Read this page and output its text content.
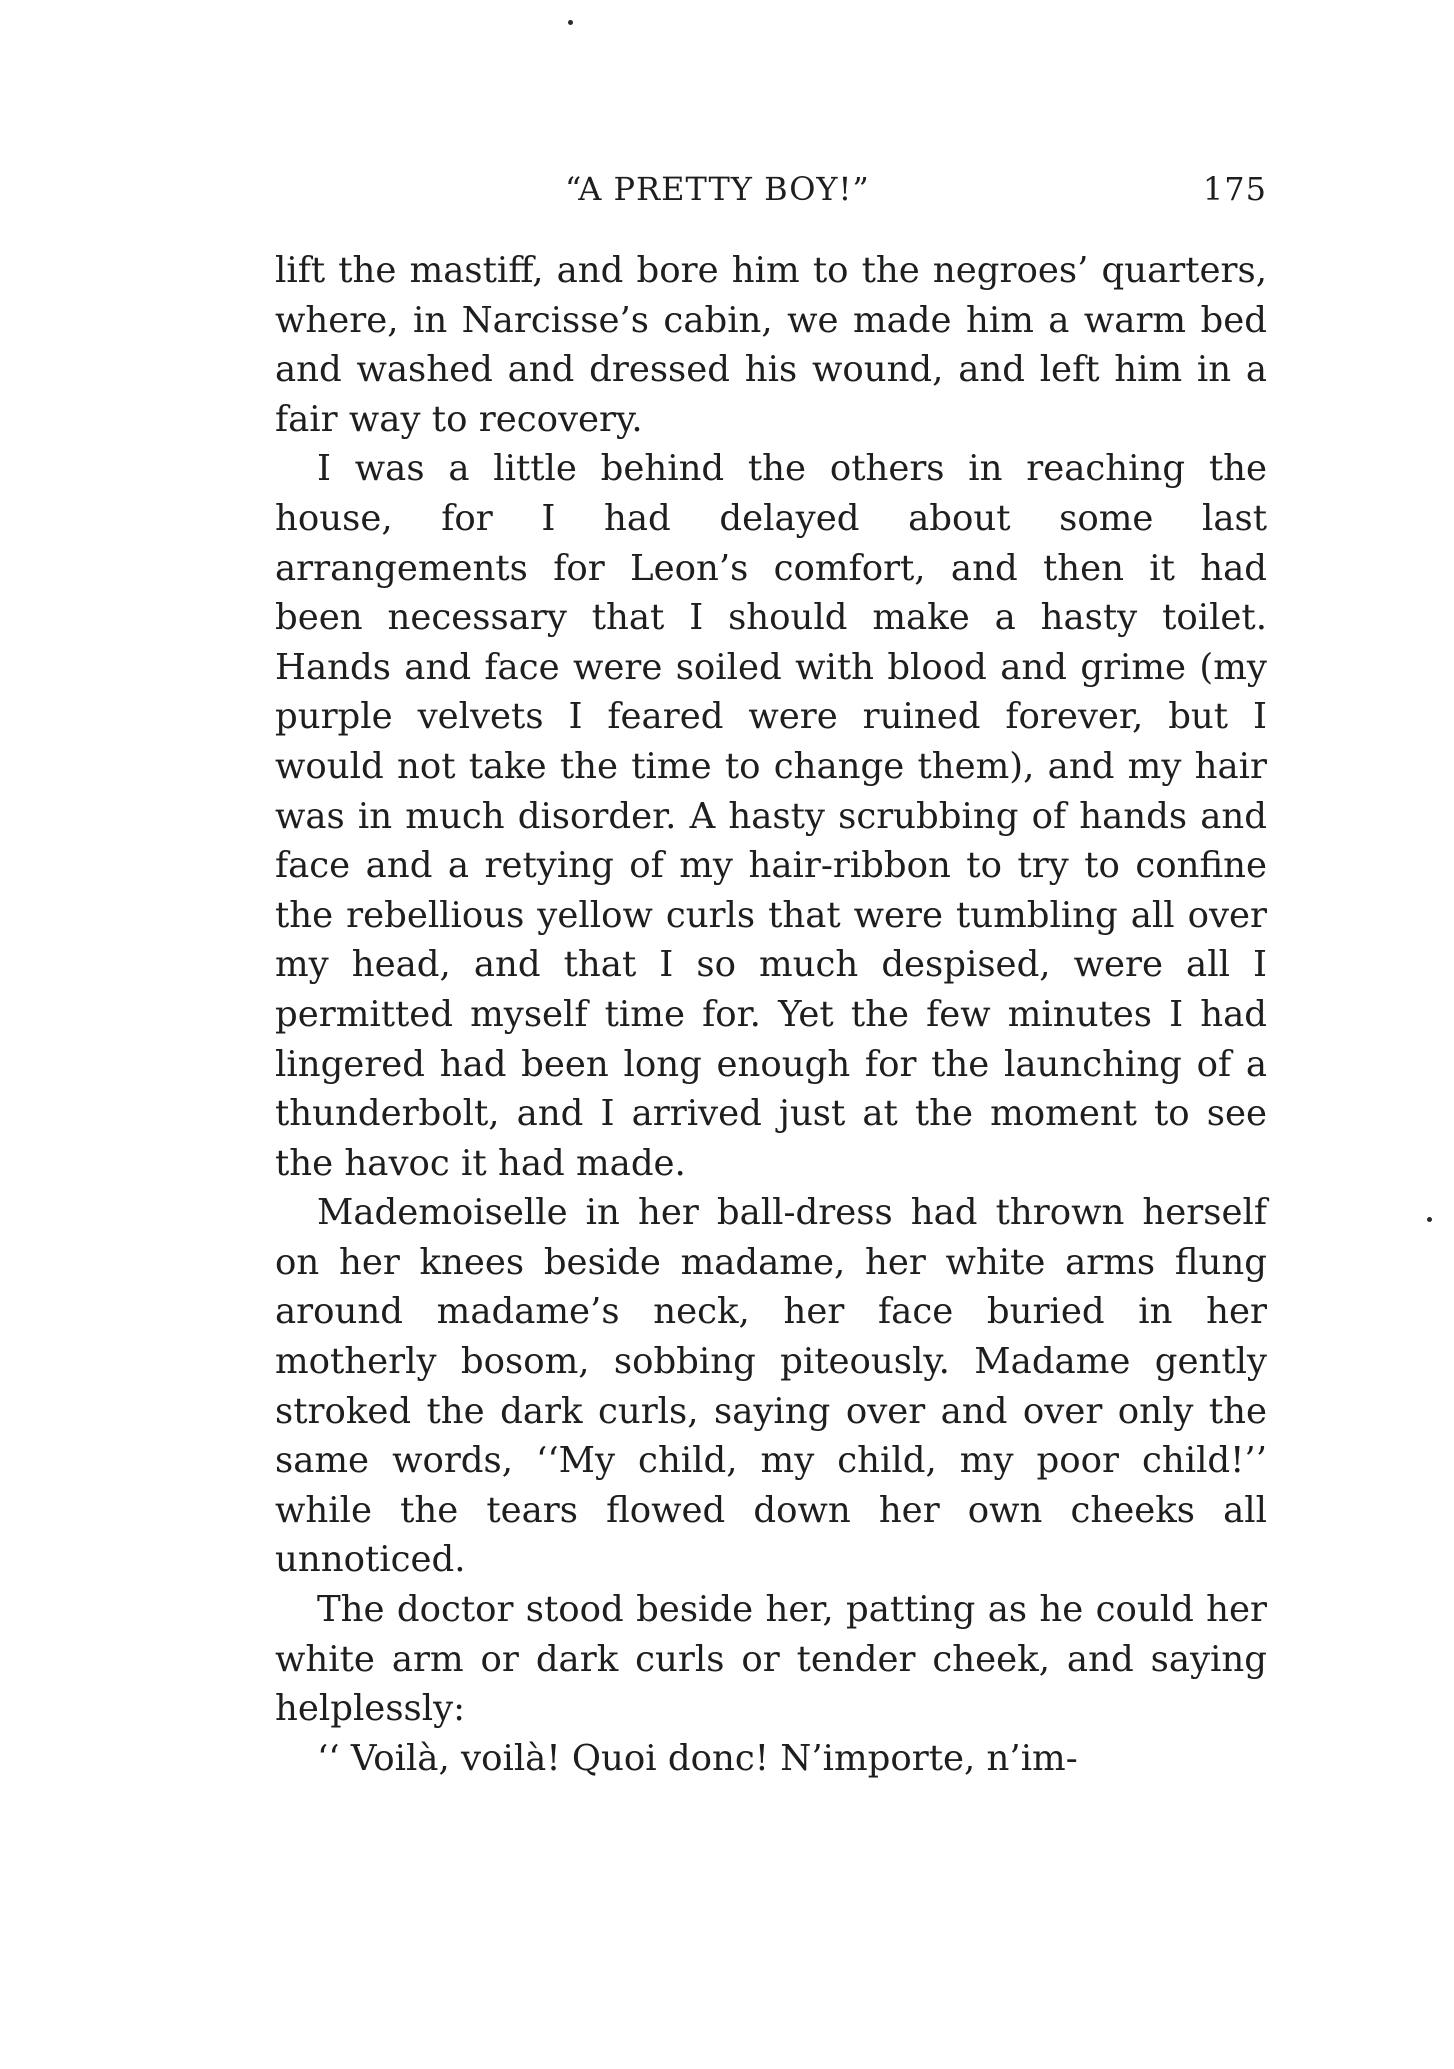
“A PRETTY BOY!”	175

lift the mastiff, and bore him to the negroes’ quarters, where, in Narcisse’s cabin, we made him a warm bed and washed and dressed his wound, and left him in a fair way to recovery.

I was a little behind the others in reaching the house, for I had delayed about some last arrangements for Leon’s comfort, and then it had been necessary that I should make a hasty toilet. Hands and face were soiled with blood and grime (my purple velvets I feared were ruined forever, but I would not take the time to change them), and my hair was in much disorder. A hasty scrubbing of hands and face and a retying of my hair-ribbon to try to confine the rebellious yellow curls that were tumbling all over my head, and that I so much despised, were all I permitted myself time for. Yet the few minutes I had lingered had been long enough for the launching of a thunderbolt, and I arrived just at the moment to see the havoc it had made.

Mademoiselle in her ball-dress had thrown herself on her knees beside madame, her white arms flung around madame’s neck, her face buried in her motherly bosom, sobbing piteously. Madame gently stroked the dark curls, saying over and over only the same words, ‘‘My child, my child, my poor child!’’ while the tears flowed down her own cheeks all unnoticed.

The doctor stood beside her, patting as he could her white arm or dark curls or tender cheek, and saying helplessly:

‘‘ Voilà, voilà! Quoi donc! N’importe, n’im-
